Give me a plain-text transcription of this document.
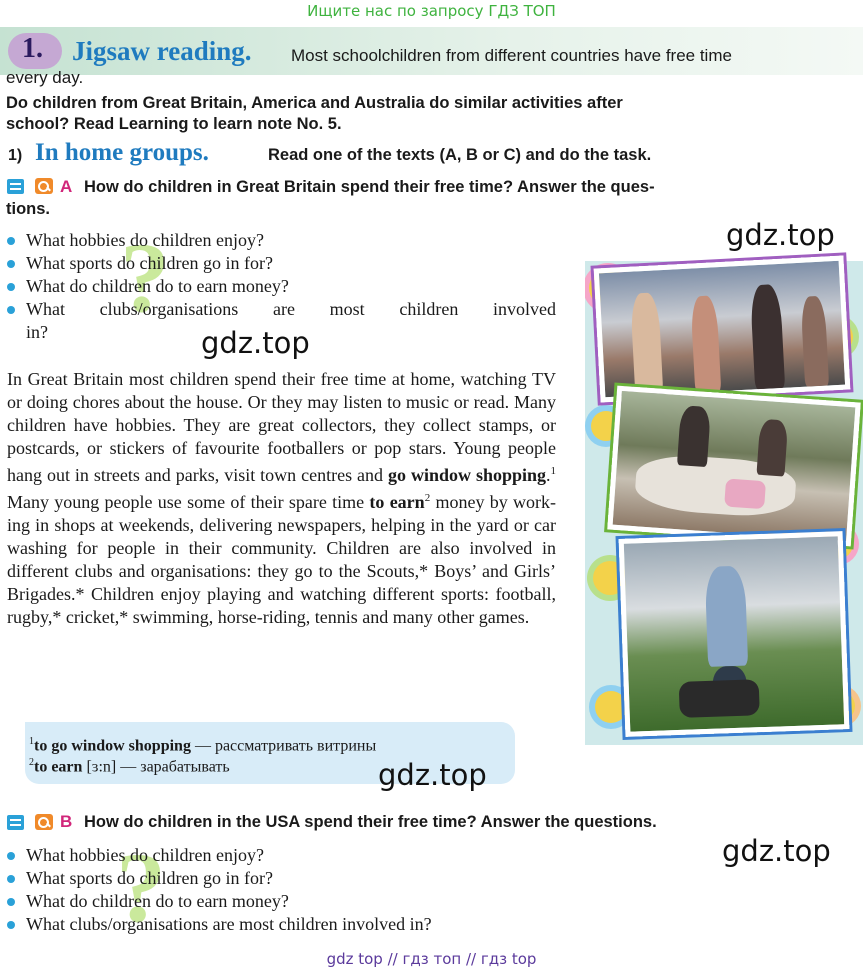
Ищите нас по запросу ГДЗ ТОП
1. Jigsaw reading. Most schoolchildren from different countries have free time
every day.
Do children from Great Britain, America and Australia do similar activities after
school? Read Learning to learn note No. 5.
1) In home groups.	Read one of the texts (A, B or C) and do the task.
A How do children in Great Britain spend their free time? Answer the ques-
tions.
?
What hobbies do children enjoy?
What sports do children go in for?
What do children do to earn money?
What clubs/organisations are most children involved
in?
gdz.top
gdz.top
In Great Britain most children spend their free time at home, watching TV or doing chores about the house. Or they may listen to music or read. Many children have hobbies. They are great collectors, they collect stamps, or postcards, or stickers of favourite footballers or pop stars. Young people hang out in streets and parks, visit town centres and go window shopping.$^1$ Many young people use some of their spare time to earn$^2$ money by working in shops at weekends, delivering newspapers, helping in the yard or car washing for people in their community. Children are also involved in different clubs and organisations: they go to the Scouts,* Boys’ and Girls’ Brigades.* Children enjoy playing and watching different sports: football, rugby,* cricket,* swimming, horse-riding, tennis and many other games.
$^1$to go window shopping — рассматривать витрины
$^2$to earn [ɜ:n] — зарабатывать	gdz.top
B How do children in the USA spend their free time? Answer the questions.
gdz.top
?
What hobbies do children enjoy?
What sports do children go in for?
What do children do to earn money?
What clubs/organisations are most children involved in?
gdz top // гдз топ // гдз top
